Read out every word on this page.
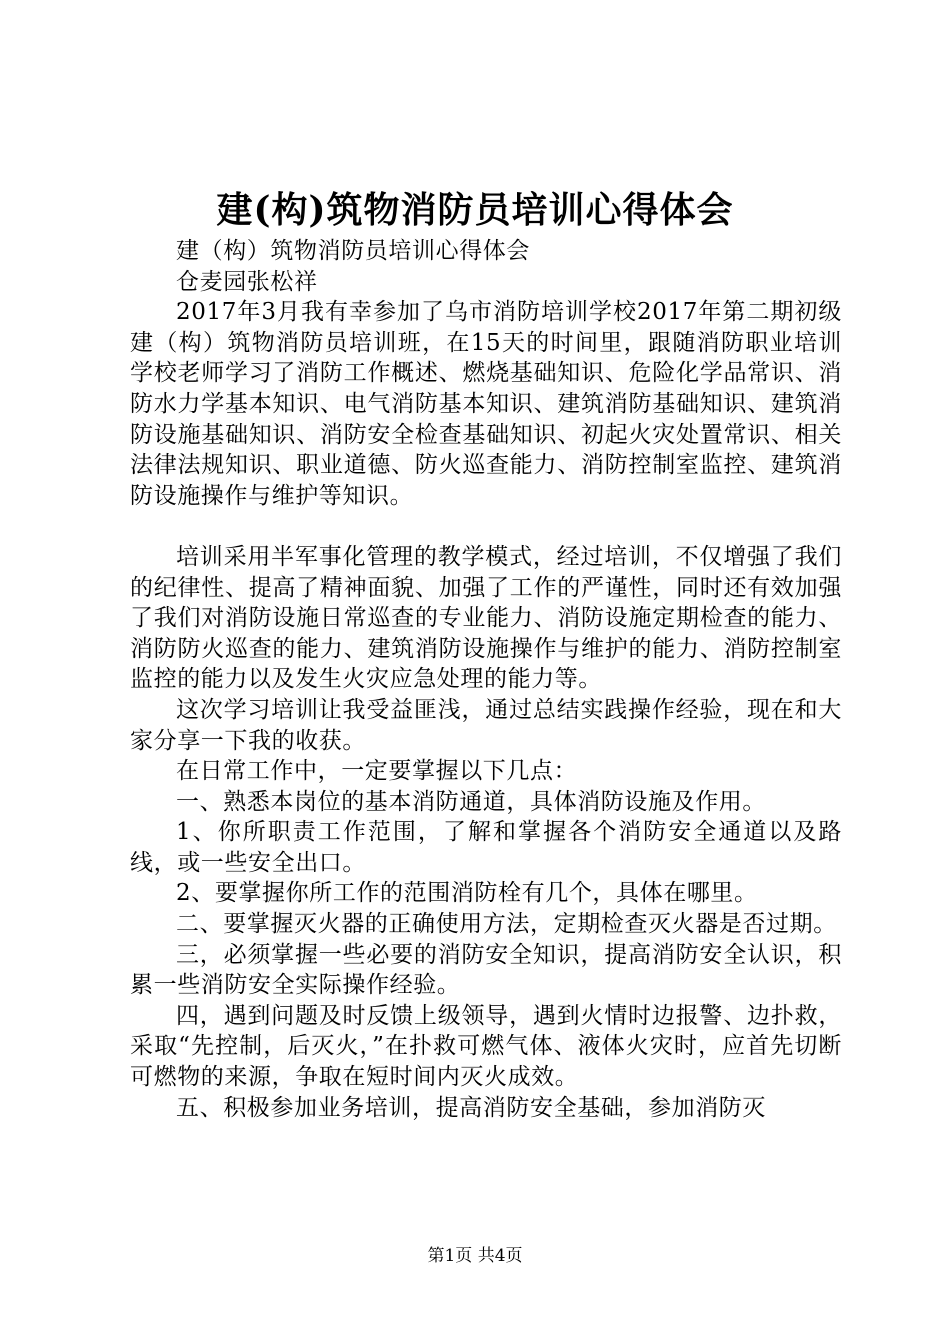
建(构)筑物消防员培训心得体会

建（构）筑物消防员培训心得体会

仓麦园张松祥

2017年3月我有幸参加了乌市消防培训学校2017年第二期初级建（构）筑物消防员培训班，在15天的时间里，跟随消防职业培训学校老师学习了消防工作概述、燃烧基础知识、危险化学品常识、消防水力学基本知识、电气消防基本知识、建筑消防基础知识、建筑消防设施基础知识、消防安全检查基础知识、初起火灾处置常识、相关法律法规知识、职业道德、防火巡查能力、消防控制室监控、建筑消防设施操作与维护等知识。

培训采用半军事化管理的教学模式，经过培训，不仅增强了我们的纪律性、提高了精神面貌、加强了工作的严谨性，同时还有效加强了我们对消防设施日常巡查的专业能力、消防设施定期检查的能力、消防防火巡查的能力、建筑消防设施操作与维护的能力、消防控制室监控的能力以及发生火灾应急处理的能力等。

这次学习培训让我受益匪浅，通过总结实践操作经验，现在和大家分享一下我的收获。

在日常工作中，一定要掌握以下几点：

一、熟悉本岗位的基本消防通道，具体消防设施及作用。

1、你所职责工作范围，了解和掌握各个消防安全通道以及路线，或一些安全出口。

2、要掌握你所工作的范围消防栓有几个，具体在哪里。

二、要掌握灭火器的正确使用方法，定期检查灭火器是否过期。

三，必须掌握一些必要的消防安全知识，提高消防安全认识，积累一些消防安全实际操作经验。

四，遇到问题及时反馈上级领导，遇到火情时边报警、边扑救，采取“先控制，后灭火，”在扑救可燃气体、液体火灾时，应首先切断可燃物的来源，争取在短时间内灭火成效。

五、积极参加业务培训，提高消防安全基础，参加消防灭

第1页 共4页
